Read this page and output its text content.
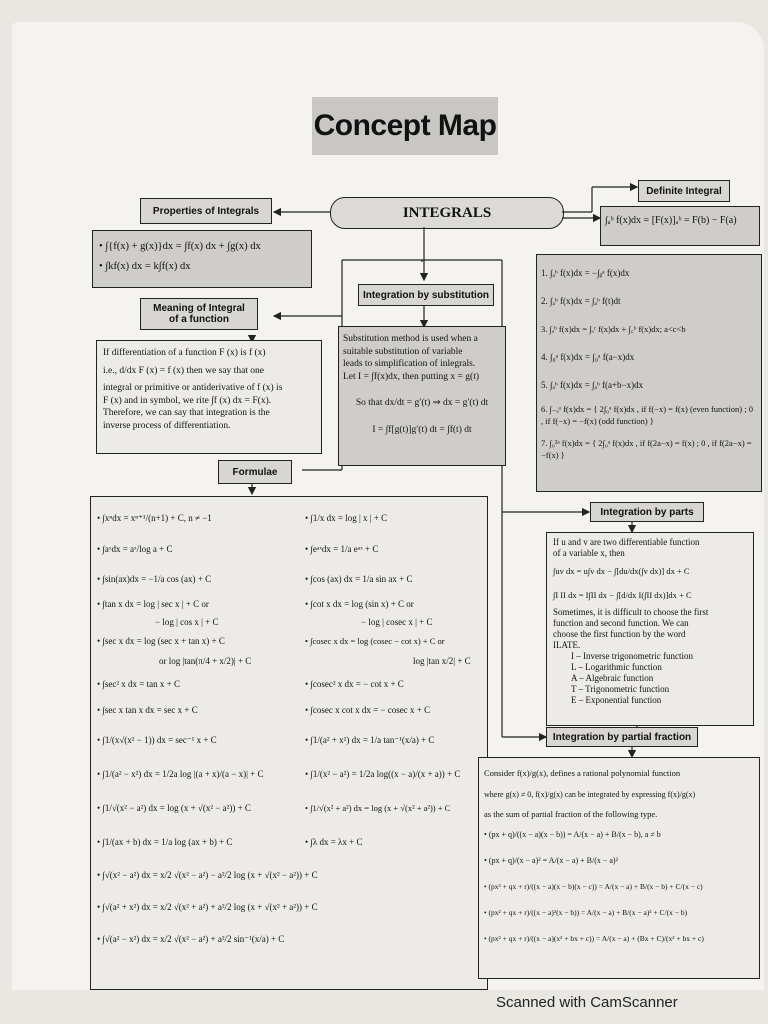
Concept Map
INTEGRALS
Properties of Integrals
• ∫{f(x) + g(x)}dx = ∫f(x) dx + ∫g(x) dx
• ∫kf(x) dx = k∫f(x) dx
Meaning of Integral
of a function
If differentiation of a function F (x) is f (x)
i.e., d/dx F (x) = f (x) then we say that one
integral or primitive or antiderivative of f (x) is
F (x) and in symbol, we rite ∫f (x) dx = F(x).
Therefore, we can say that integration is the
inverse process of differentiation.
Integration by substitution
Substitution method is used when a
suitable substitution of variable
leads to simplification of inlegrals.
Let I = ∫f(x)dx, then putting x = g(t)
So that dx/dt = g′(t) ⇒ dx = g′(t) dt
I = ∫f[g(t)]g′(t) dt = ∫f(t) dt
Formulae
• ∫xⁿdx = xⁿ⁺¹/(n+1) + C, n ≠ −1
• ∫aˣdx = aˣ/log a + C
• ∫sin(ax)dx = −1/a cos (ax) + C
• ∫tan x dx = log | sec x | + C or
− log | cos x | + C
• ∫sec x dx = log (sec x + tan x) + C
or log |tan(π/4 + x/2)| + C
• ∫sec² x dx = tan x + C
• ∫sec x tan x dx = sec x + C
• ∫1/(x√(x² − 1)) dx = sec⁻¹ x + C
• ∫1/(a² − x²) dx = 1/2a log |(a + x)/(a − x)| + C
• ∫1/√(x² − a²) dx = log (x + √(x² − a²)) + C
• ∫1/(ax + b) dx = 1/a log (ax + b) + C
• ∫√(x² − a²) dx = x/2 √(x² − a²) − a²/2 log (x + √(x² − a²)) + C
• ∫√(a² + x²) dx = x/2 √(x² + a²) + a²/2 log (x + √(x² + a²)) + C
• ∫√(a² − x²) dx = x/2 √(x² − a²) + a²/2 sin⁻¹(x/a) + C
• ∫1/x dx = log | x | + C
• ∫eᵃˣdx = 1/a eᵃˣ + C
• ∫cos (ax) dx = 1/a sin ax + C
• ∫cot x dx = log (sin x) + C or
− log | cosec x | + C
• ∫cosec x dx = log (cosec − cot x) + C or
log |tan x/2| + C
• ∫cosec² x dx = − cot x + C
• ∫cosec x cot x dx = − cosec x + C
• ∫1/(a² + x²) dx = 1/a tan⁻¹(x/a) + C
• ∫1/(x² − a²) = 1/2a log((x − a)/(x + a)) + C
• ∫1/√(x² + a²) dx = log (x + √(x² + a²)) + C
• ∫λ dx = λx + C
Definite Integral
∫ₐᵇ f(x)dx = [F(x)]ₐᵇ = F(b) − F(a)
1. ∫ₐᵇ f(x)dx = −∫ᵦᵃ f(x)dx
2. ∫ₐᵇ f(x)dx = ∫ₐᵇ f(t)dt
3. ∫ₐᵇ f(x)dx = ∫ₐᶜ f(x)dx + ∫꜀ᵇ f(x)dx; a<c<b
4. ∫₀ᵃ f(x)dx = ∫₀ᵃ f(a−x)dx
5. ∫ₐᵇ f(x)dx = ∫ₐᵇ f(a+b−x)dx
6. ∫₋ₐᵃ f(x)dx = { 2∫₀ᵃ f(x)dx , if f(−x) = f(x) (even function) ; 0 , if f(−x) = −f(x) (odd function) }
7. ∫₀²ᵃ f(x)dx = { 2∫₀ᵃ f(x)dx , if f(2a−x) = f(x) ; 0 , if f(2a−x) = −f(x) }
Integration by parts
If u and v are two differentiable function
of a variable x, then
∫uv dx = u∫v dx − ∫[du/dx(∫v dx)] dx + C
∫I II dx = I∫II dx − ∫[d/dx I(∫II dx)]dx + C
Sometimes, it is difficult to choose the first
function and second function. We can
choose the first function by the word
ILATE.
I – Inverse trigonometric function
L – Logarithmic function
A – Algebraic function
T – Trigonometric function
E – Exponential function
Integration by partial fraction
Consider f(x)/g(x), defines a rational polynomial function
where g(x) ≠ 0, f(x)/g(x) can be integrated by expressing f(x)/g(x)
as the sum of partial fraction of the following type.
• (px + q)/((x − a)(x − b)) = A/(x − a) + B/(x − b), a ≠ b
• (px + q)/(x − a)² = A/(x − a) + B/(x − a)²
• (px² + qx + r)/((x − a)(x − b)(x − c)) = A/(x − a) + B/(x − b) + C/(x − c)
• (px² + qx + r)/((x − a)²(x − b)) = A/(x − a) + B/(x − a)² + C/(x − b)
• (px² + qx + r)/((x − a)(x² + bx + c)) = A/(x − a) + (Bx + C)/(x² + bx + c)
Scanned with CamScanner
